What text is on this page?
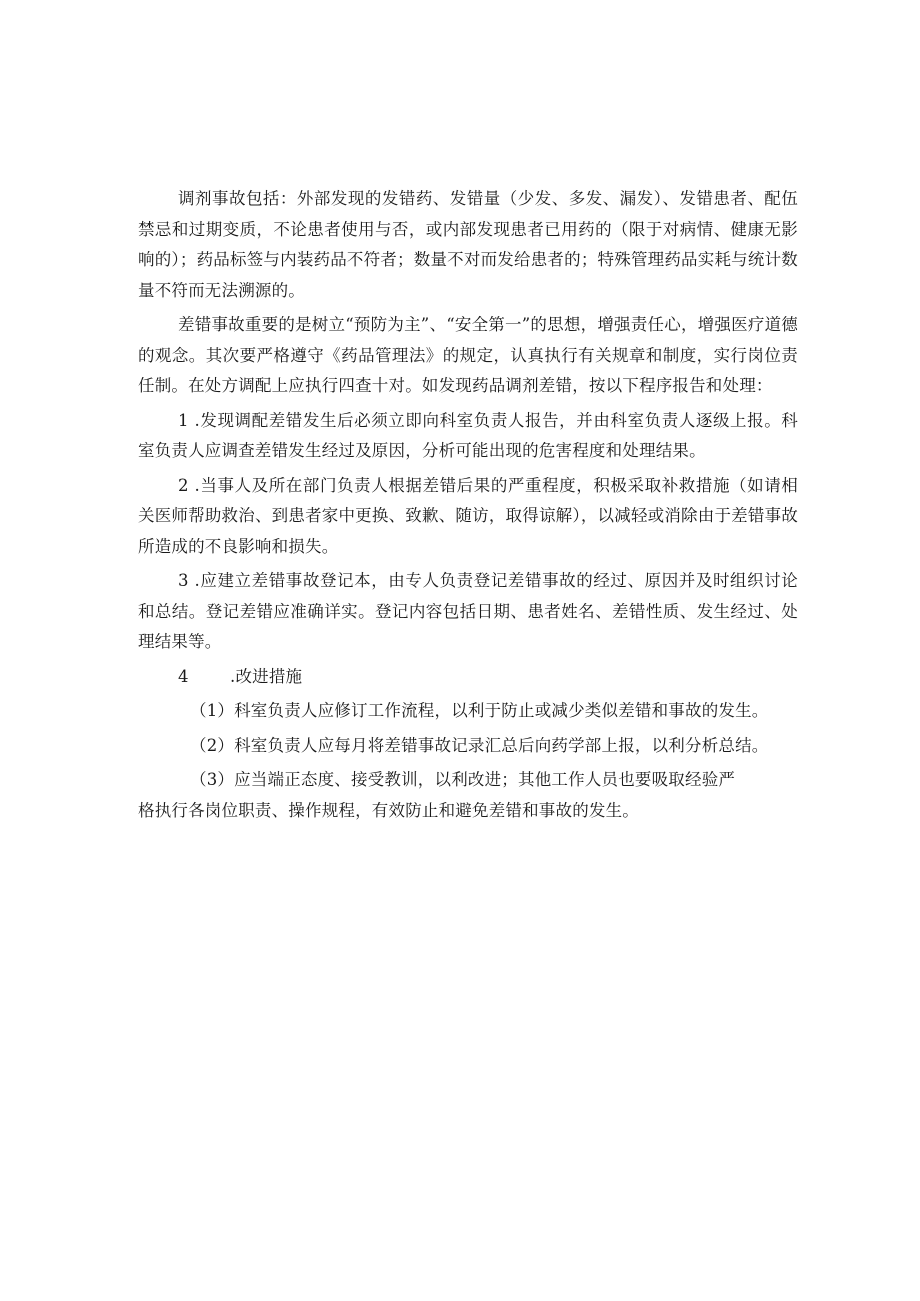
调剂事故包括：外部发现的发错药、发错量（少发、多发、漏发）、发错患者、配伍禁忌和过期变质，不论患者使用与否，或内部发现患者已用药的（限于对病情、健康无影响的）；药品标签与内装药品不符者；数量不对而发给患者的；特殊管理药品实耗与统计数量不符而无法溯源的。

差错事故重要的是树立“预防为主”、“安全第一”的思想，增强责任心，增强医疗道德的观念。其次要严格遵守《药品管理法》的规定，认真执行有关规章和制度，实行岗位责任制。在处方调配上应执行四查十对。如发现药品调剂差错，按以下程序报告和处理：

1 .发现调配差错发生后必须立即向科室负责人报告，并由科室负责人逐级上报。科室负责人应调查差错发生经过及原因，分析可能出现的危害程度和处理结果。

2 .当事人及所在部门负责人根据差错后果的严重程度，积极采取补救措施（如请相关医师帮助救治、到患者家中更换、致歉、随访，取得谅解），以减轻或消除由于差错事故所造成的不良影响和损失。

3 .应建立差错事故登记本，由专人负责登记差错事故的经过、原因并及时组织讨论和总结。登记差错应准确详实。登记内容包括日期、患者姓名、差错性质、发生经过、处理结果等。

4	.改进措施

（1）科室负责人应修订工作流程，以利于防止或减少类似差错和事故的发生。

（2）科室负责人应每月将差错事故记录汇总后向药学部上报，以利分析总结。

（3）应当端正态度、接受教训，以利改进；其他工作人员也要吸取经验严

格执行各岗位职责、操作规程，有效防止和避免差错和事故的发生。
